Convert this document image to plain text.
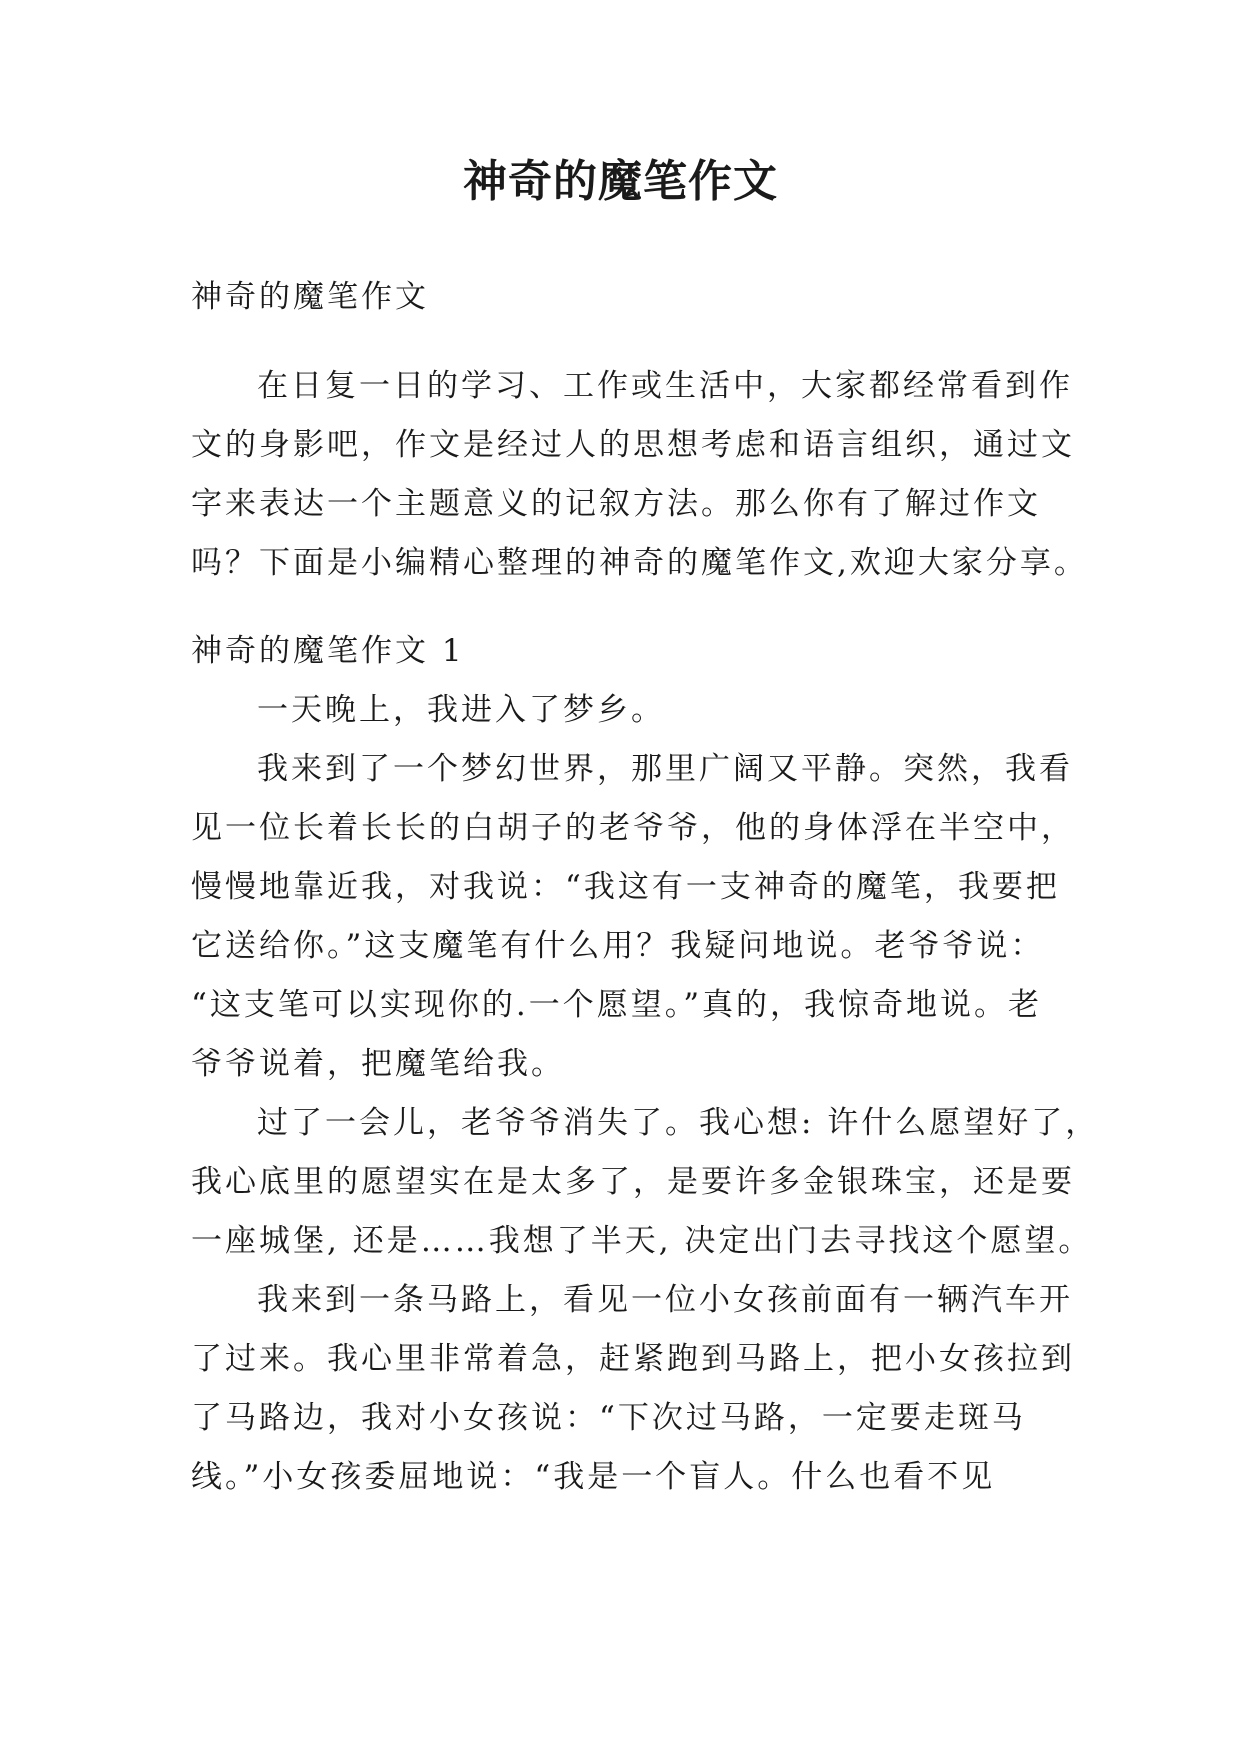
神奇的魔笔作文
神奇的魔笔作文
在日复一日的学习、工作或生活中，大家都经常看到作
文的身影吧，作文是经过人的思想考虑和语言组织，通过文
字来表达一个主题意义的记叙方法。那么你有了解过作文
吗？下面是小编精心整理的神奇的魔笔作文,欢迎大家分享。
神奇的魔笔作文 1
一天晚上，我进入了梦乡。
我来到了一个梦幻世界，那里广阔又平静。突然，我看
见一位长着长长的白胡子的老爷爷，他的身体浮在半空中，
慢慢地靠近我，对我说：“我这有一支神奇的魔笔，我要把
它送给你。”这支魔笔有什么用？我疑问地说。老爷爷说：
“这支笔可以实现你的.一个愿望。”真的，我惊奇地说。老
爷爷说着，把魔笔给我。
过了一会儿，老爷爷消失了。我心想: 许什么愿望好了，
我心底里的愿望实在是太多了，是要许多金银珠宝，还是要
一座城堡, 还是……我想了半天, 决定出门去寻找这个愿望。
我来到一条马路上，看见一位小女孩前面有一辆汽车开
了过来。我心里非常着急，赶紧跑到马路上，把小女孩拉到
了马路边，我对小女孩说：“下次过马路，一定要走斑马
线。”小女孩委屈地说：“我是一个盲人。什么也看不见
